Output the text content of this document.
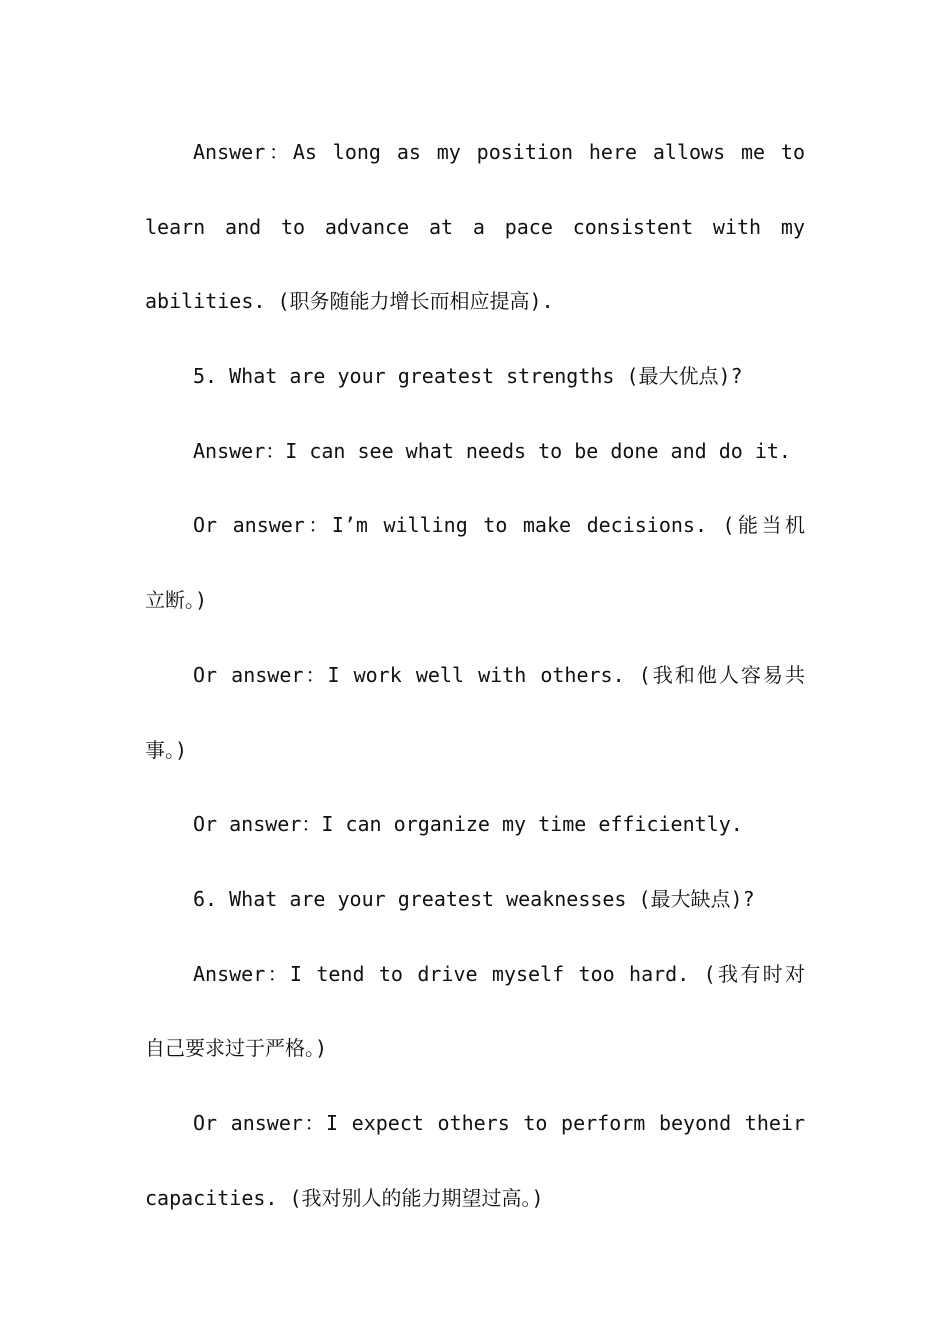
Answer：As long as my position here allows me to
learn and to advance at a pace consistent with my
abilities. (职务随能力增长而相应提高).
5. What are your greatest strengths (最大优点)?
Answer：I can see what needs to be done and do it.
Or answer：I’m willing to make decisions. (能当机
立断。)
Or answer：I work well with others. (我和他人容易共
事。)
Or answer：I can organize my time efficiently.
6. What are your greatest weaknesses (最大缺点)?
Answer：I tend to drive myself too hard. (我有时对
自己要求过于严格。)
Or answer：I expect others to perform beyond their
capacities. (我对别人的能力期望过高。)
